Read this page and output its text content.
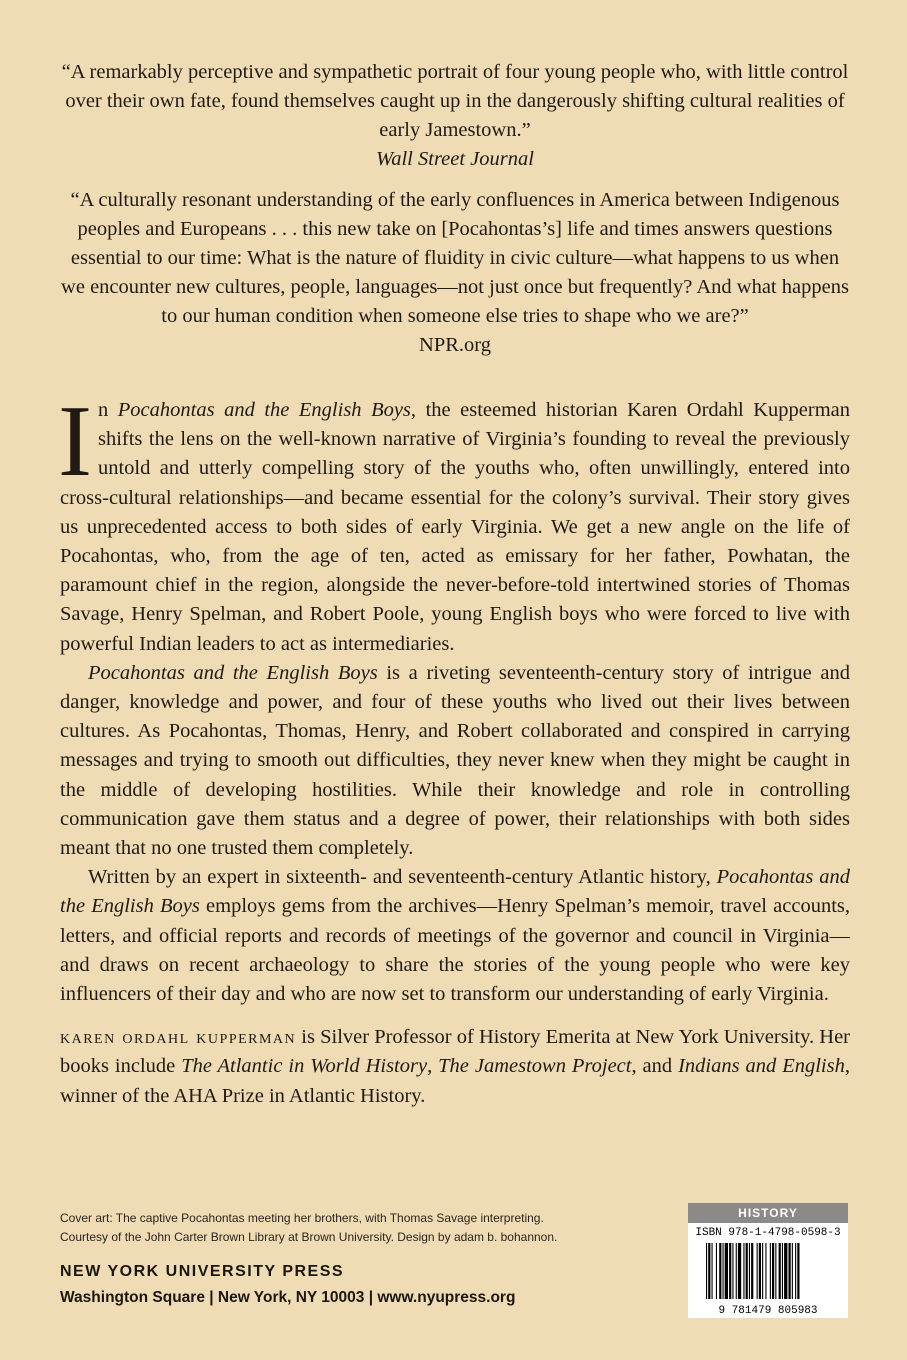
“A remarkably perceptive and sympathetic portrait of four young people who, with little control over their own fate, found themselves caught up in the dangerously shifting cultural realities of early Jamestown.”
Wall Street Journal
“A culturally resonant understanding of the early confluences in America between Indigenous peoples and Europeans . . . this new take on [Pocahontas’s] life and times answers questions essential to our time: What is the nature of fluidity in civic culture—what happens to us when we encounter new cultures, people, languages—not just once but frequently? And what happens to our human condition when someone else tries to shape who we are?”
NPR.org

In Pocahontas and the English Boys, the esteemed historian Karen Ordahl Kupperman shifts the lens on the well-known narrative of Virginia’s founding to reveal the previously untold and utterly compelling story of the youths who, often unwillingly, entered into cross-cultural relationships—and became essential for the colony’s survival. Their story gives us unprecedented access to both sides of early Virginia. We get a new angle on the life of Pocahontas, who, from the age of ten, acted as emissary for her father, Powhatan, the paramount chief in the region, alongside the never-before-told intertwined stories of Thomas Savage, Henry Spelman, and Robert Poole, young English boys who were forced to live with powerful Indian leaders to act as intermediaries.

Pocahontas and the English Boys is a riveting seventeenth-century story of intrigue and danger, knowledge and power, and four of these youths who lived out their lives between cultures. As Pocahontas, Thomas, Henry, and Robert collaborated and conspired in carrying messages and trying to smooth out difficulties, they never knew when they might be caught in the middle of developing hostilities. While their knowledge and role in controlling communication gave them status and a degree of power, their relationships with both sides meant that no one trusted them completely.

Written by an expert in sixteenth- and seventeenth-century Atlantic history, Pocahontas and the English Boys employs gems from the archives—Henry Spelman’s memoir, travel accounts, letters, and official reports and records of meetings of the governor and council in Virginia—and draws on recent archaeology to share the stories of the young people who were key influencers of their day and who are now set to transform our understanding of early Virginia.

karen ordahl kupperman is Silver Professor of History Emerita at New York University. Her books include The Atlantic in World History, The Jamestown Project, and Indians and English, winner of the AHA Prize in Atlantic History.

Cover art: The captive Pocahontas meeting her brothers, with Thomas Savage interpreting.
Courtesy of the John Carter Brown Library at Brown University. Design by adam b. bohannon.
NEW YORK UNIVERSITY PRESS
Washington Square | New York, NY 10003 | www.nyupress.org
HISTORY
ISBN 978-1-4798-0598-3
9 781479 805983
